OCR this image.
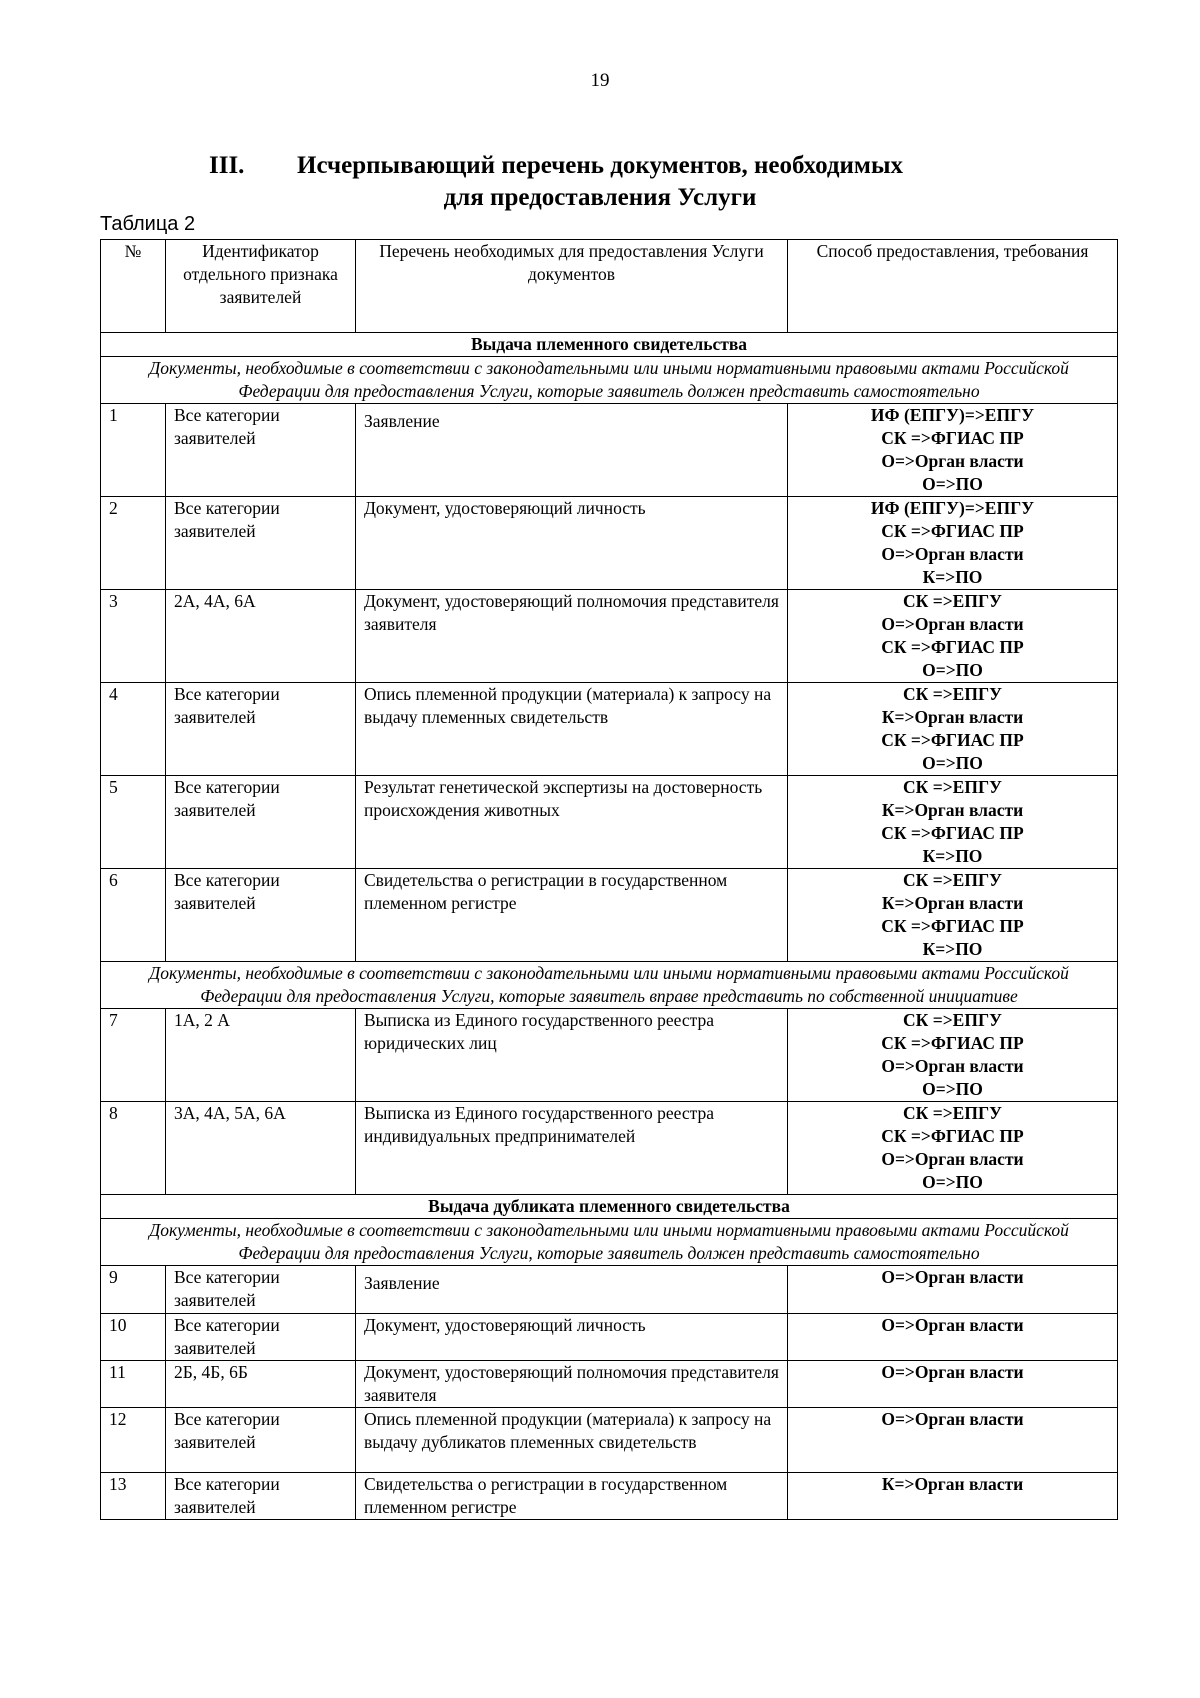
19
III. Исчерпывающий перечень документов, необходимых
для предоставления Услуги
Таблица 2
№	Идентификатор отдельного признака заявителей	Перечень необходимых для предоставления Услуги документов	Способ предоставления, требования
Выдача племенного свидетельства			
Документы, необходимые в соответствии с законодательными или иными нормативными правовыми актами Российской Федерации для предоставления Услуги, которые заявитель должен представить самостоятельно			
1	Все категории заявителей	Заявление	ИФ (ЕПГУ)=>ЕПГУ
СК =>ФГИАС ПР
О=>Орган власти
О=>ПО

2	Все категории заявителей	Документ, удостоверяющий личность	ИФ (ЕПГУ)=>ЕПГУ
СК =>ФГИАС ПР
О=>Орган власти
К=>ПО

3	2А, 4А, 6А	Документ, удостоверяющий полномочия представителя заявителя	СК =>ЕПГУ
О=>Орган власти
СК =>ФГИАС ПР
О=>ПО

4	Все категории заявителей	Опись племенной продукции (материала) к запросу на выдачу племенных свидетельств	СК =>ЕПГУ
К=>Орган власти
СК =>ФГИАС ПР
О=>ПО

5	Все категории заявителей	Результат генетической экспертизы на достоверность происхождения животных	СК =>ЕПГУ
К=>Орган власти
СК =>ФГИАС ПР
К=>ПО

6	Все категории заявителей	Свидетельства о регистрации в государственном племенном регистре	СК =>ЕПГУ
К=>Орган власти
СК =>ФГИАС ПР
К=>ПО

Документы, необходимые в соответствии с законодательными или иными нормативными правовыми актами Российской Федерации для предоставления Услуги, которые заявитель вправе представить по собственной инициативе			
7	1А, 2 А	Выписка из Единого государственного реестра юридических лиц	СК =>ЕПГУ
СК =>ФГИАС ПР
О=>Орган власти
О=>ПО

8	3А, 4А, 5А, 6А	Выписка из Единого государственного реестра индивидуальных предпринимателей	СК =>ЕПГУ
СК =>ФГИАС ПР
О=>Орган власти
О=>ПО

Выдача дубликата племенного свидетельства			
Документы, необходимые в соответствии с законодательными или иными нормативными правовыми актами Российской Федерации для предоставления Услуги, которые заявитель должен представить самостоятельно			
9	Все категории заявителей	Заявление	О=>Орган власти

10	Все категории заявителей	Документ, удостоверяющий личность	О=>Орган власти

11	2Б, 4Б, 6Б	Документ, удостоверяющий полномочия представителя заявителя	О=>Орган власти

12	Все категории заявителей	Опись племенной продукции (материала) к запросу на выдачу дубликатов племенных свидетельств	О=>Орган власти

13	Все категории заявителей	Свидетельства о регистрации в государственном племенном регистре	К=>Орган власти
